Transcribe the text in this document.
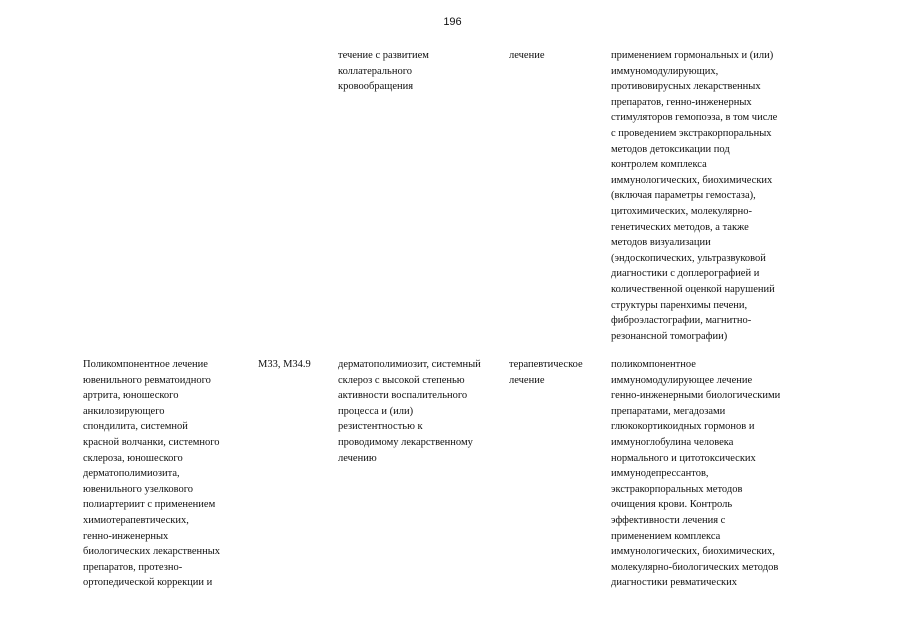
196

течение с развитием
коллатерального
кровообращения

лечение	применением гормональных и (или)
иммуномодулирующих,
противовирусных лекарственных
препаратов, генно-инженерных
стимуляторов гемопоэза, в том числе
с проведением экстракорпоральных
методов детоксикации под
контролем комплекса
иммунологических, биохимических
(включая параметры гемостаза),
цитохимических, молекулярно-
генетических методов, а также
методов визуализации
(эндоскопических, ультразвуковой
диагностики с доплерографией и
количественной оценкой нарушений
структуры паренхимы печени,
фиброэластографии, магнитно-
резонансной томографии)

Поликомпонентное лечение
ювенильного ревматоидного
артрита, юношеского
анкилозирующего
спондилита, системной
красной волчанки, системного
склероза, юношеского
дерматополимиозита,
ювенильного узелкового
полиартериит с применением
химиотерапевтических,
генно-инженерных
биологических лекарственных
препаратов, протезно-
ортопедической коррекции и

M33, M34.9	дерматополимиозит, системный
склероз с высокой степенью
активности воспалительного
процесса и (или)
резистентностью к
проводимому лекарственному
лечению

терапевтическое
лечение

поликомпонентное
иммуномодулирующее лечение
генно-инженерными биологическими
препаратами, мегадозами
глюкокортикоидных гормонов и
иммуноглобулина человека
нормального и цитотоксических
иммунодепрессантов,
экстракорпоральных методов
очищения крови. Контроль
эффективности лечения с
применением комплекса
иммунологических, биохимических,
молекулярно-биологических методов
диагностики ревматических
